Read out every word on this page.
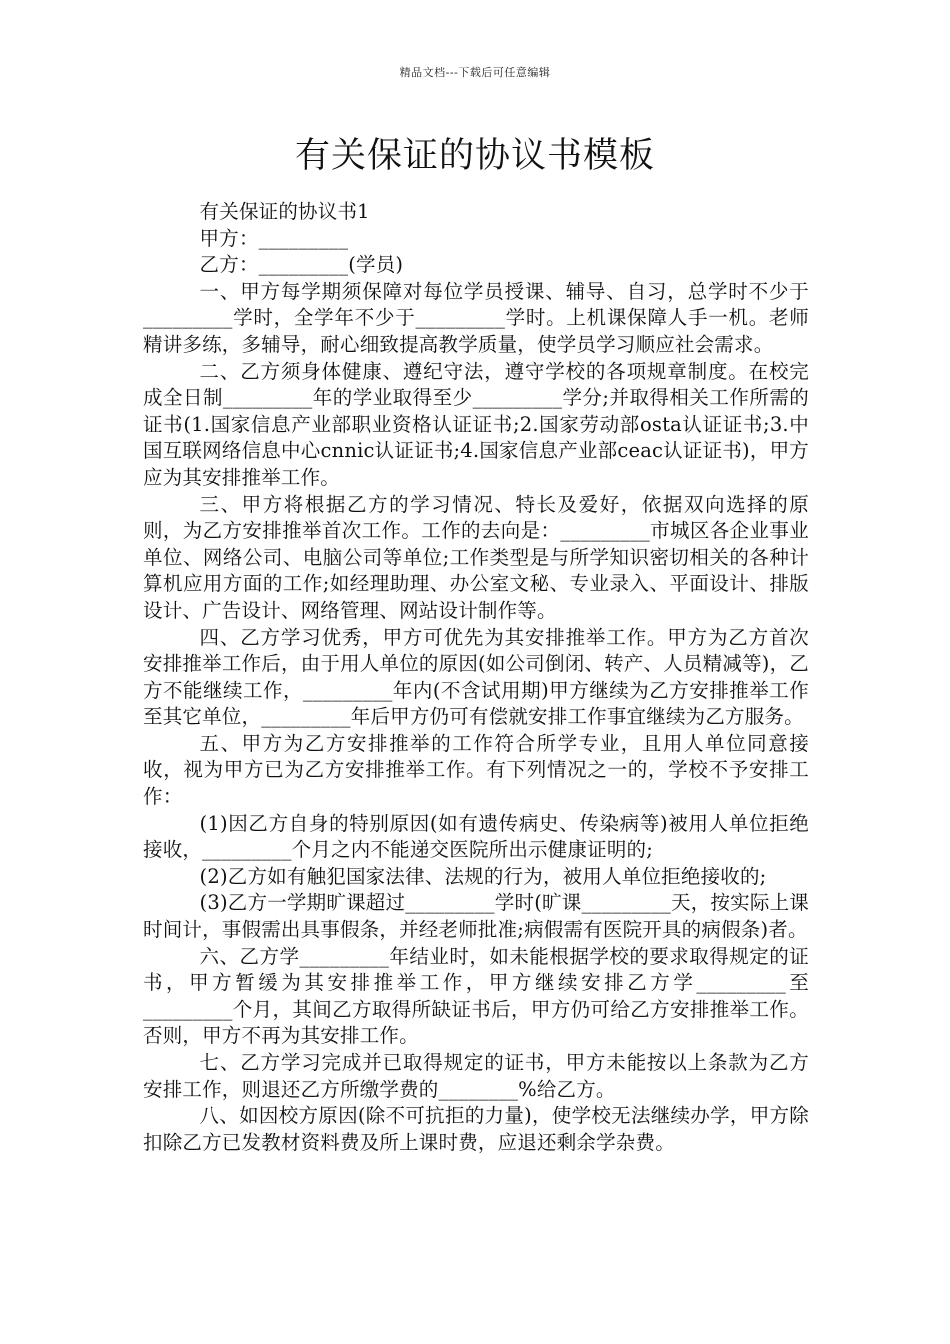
精品文档---下载后可任意编辑
有关保证的协议书模板

有关保证的协议书1

甲方：_________

乙方：_________(学员)

一、甲方每学期须保障对每位学员授课、辅导、自习，总学时不少于_________学时，全学年不少于_________学时。上机课保障人手一机。老师精讲多练，多辅导，耐心细致提高教学质量，使学员学习顺应社会需求。

二、乙方须身体健康、遵纪守法，遵守学校的各项规章制度。在校完成全日制_________年的学业取得至少_________学分;并取得相关工作所需的证书(1.国家信息产业部职业资格认证证书;2.国家劳动部osta认证证书;3.中国互联网络信息中心cnnic认证证书;4.国家信息产业部ceac认证证书)，甲方应为其安排推举工作。

三、甲方将根据乙方的学习情况、特长及爱好，依据双向选择的原则，为乙方安排推举首次工作。工作的去向是：_________市城区各企业事业单位、网络公司、电脑公司等单位;工作类型是与所学知识密切相关的各种计算机应用方面的工作;如经理助理、办公室文秘、专业录入、平面设计、排版设计、广告设计、网络管理、网站设计制作等。

四、乙方学习优秀，甲方可优先为其安排推举工作。甲方为乙方首次安排推举工作后，由于用人单位的原因(如公司倒闭、转产、人员精减等)，乙方不能继续工作，_________年内(不含试用期)甲方继续为乙方安排推举工作至其它单位，_________年后甲方仍可有偿就安排工作事宜继续为乙方服务。

五、甲方为乙方安排推举的工作符合所学专业，且用人单位同意接收，视为甲方已为乙方安排推举工作。有下列情况之一的，学校不予安排工作：

(1)因乙方自身的特别原因(如有遗传病史、传染病等)被用人单位拒绝接收，_________个月之内不能递交医院所出示健康证明的;

(2)乙方如有触犯国家法律、法规的行为，被用人单位拒绝接收的;

(3)乙方一学期旷课超过_________学时(旷课_________天，按实际上课时间计，事假需出具事假条，并经老师批准;病假需有医院开具的病假条)者。

六、乙方学_________年结业时，如未能根据学校的要求取得规定的证书，甲方暂缓为其安排推举工作，甲方继续安排乙方学_________至_________个月，其间乙方取得所缺证书后，甲方仍可给乙方安排推举工作。否则，甲方不再为其安排工作。

七、乙方学习完成并已取得规定的证书，甲方未能按以上条款为乙方安排工作，则退还乙方所缴学费的________%给乙方。

八、如因校方原因(除不可抗拒的力量)，使学校无法继续办学，甲方除扣除乙方已发教材资料费及所上课时费，应退还剩余学杂费。
